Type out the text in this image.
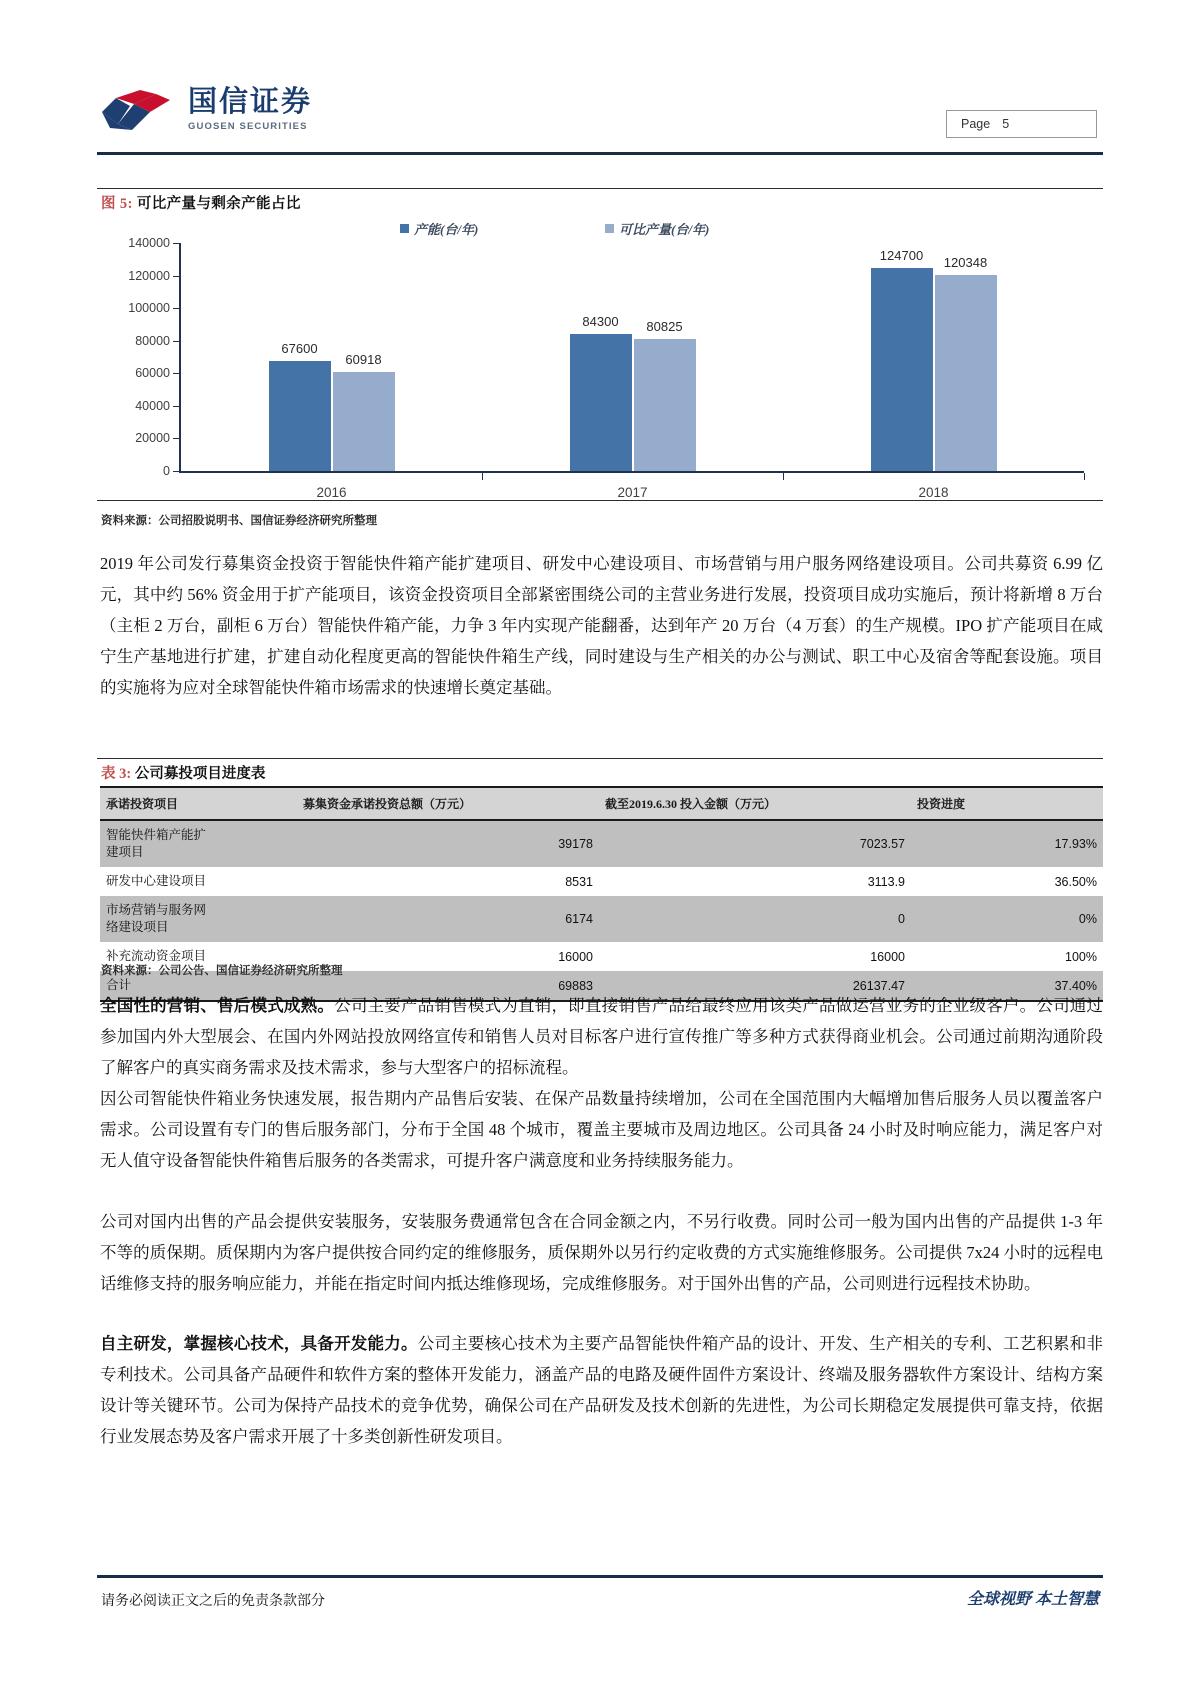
国信证券
GUOSEN SECURITIES	Page 5
图 5: 可比产量与剩余产能占比
产能(台/年)	可比产量(台/年)
140000
120000
100000
80000
60000
40000
20000
0
67600
60918
84300	80825
124700	120348
2016	2017	2018
资料来源：公司招股说明书、国信证券经济研究所整理
2019 年公司发行募集资金投资于智能快件箱产能扩建项目、研发中心建设项目、市场营销与用户服务网络建设项目。公司共募资 6.99 亿元，其中约 56% 资金用于扩产能项目，该资金投资项目全部紧密围绕公司的主营业务进行发展，投资项目成功实施后，预计将新增 8 万台（主柜 2 万台，副柜 6 万台）智能快件箱产能，力争 3 年内实现产能翻番，达到年产 20 万台（4 万套）的生产规模。IPO 扩产能项目在咸宁生产基地进行扩建，扩建自动化程度更高的智能快件箱生产线，同时建设与生产相关的办公与测试、职工中心及宿舍等配套设施。项目的实施将为应对全球智能快件箱市场需求的快速增长奠定基础。
表 3: 公司募投项目进度表
承诺投资项目	募集资金承诺投资总额（万元）	截至2019.6.30 投入金额（万元）	投资进度
智能快件箱产能扩
建项目	39178	7023.57	17.93%
研发中心建设项目	8531	3113.9	36.50%
市场营销与服务网
络建设项目	6174	0	0%
补充流动资金项目	16000	16000	100%
合计	69883	26137.47	37.40%
资料来源：公司公告、国信证券经济研究所整理
全国性的营销、售后模式成熟。公司主要产品销售模式为直销，即直接销售产品给最终应用该类产品做运营业务的企业级客户。公司通过参加国内外大型展会、在国内外网站投放网络宣传和销售人员对目标客户进行宣传推广等多种方式获得商业机会。公司通过前期沟通阶段了解客户的真实商务需求及技术需求，参与大型客户的招标流程。
因公司智能快件箱业务快速发展，报告期内产品售后安装、在保产品数量持续增加，公司在全国范围内大幅增加售后服务人员以覆盖客户需求。公司设置有专门的售后服务部门，分布于全国 48 个城市，覆盖主要城市及周边地区。公司具备 24 小时及时响应能力，满足客户对无人值守设备智能快件箱售后服务的各类需求，可提升客户满意度和业务持续服务能力。
公司对国内出售的产品会提供安装服务，安装服务费通常包含在合同金额之内，不另行收费。同时公司一般为国内出售的产品提供 1-3 年不等的质保期。质保期内为客户提供按合同约定的维修服务，质保期外以另行约定收费的方式实施维修服务。公司提供 7x24 小时的远程电话维修支持的服务响应能力，并能在指定时间内抵达维修现场，完成维修服务。对于国外出售的产品，公司则进行远程技术协助。
自主研发，掌握核心技术，具备开发能力。公司主要核心技术为主要产品智能快件箱产品的设计、开发、生产相关的专利、工艺积累和非专利技术。公司具备产品硬件和软件方案的整体开发能力，涵盖产品的电路及硬件固件方案设计、终端及服务器软件方案设计、结构方案设计等关键环节。公司为保持产品技术的竞争优势，确保公司在产品研发及技术创新的先进性，为公司长期稳定发展提供可靠支持，依据行业发展态势及客户需求开展了十多类创新性研发项目。
请务必阅读正文之后的免责条款部分	全球视野 本土智慧
